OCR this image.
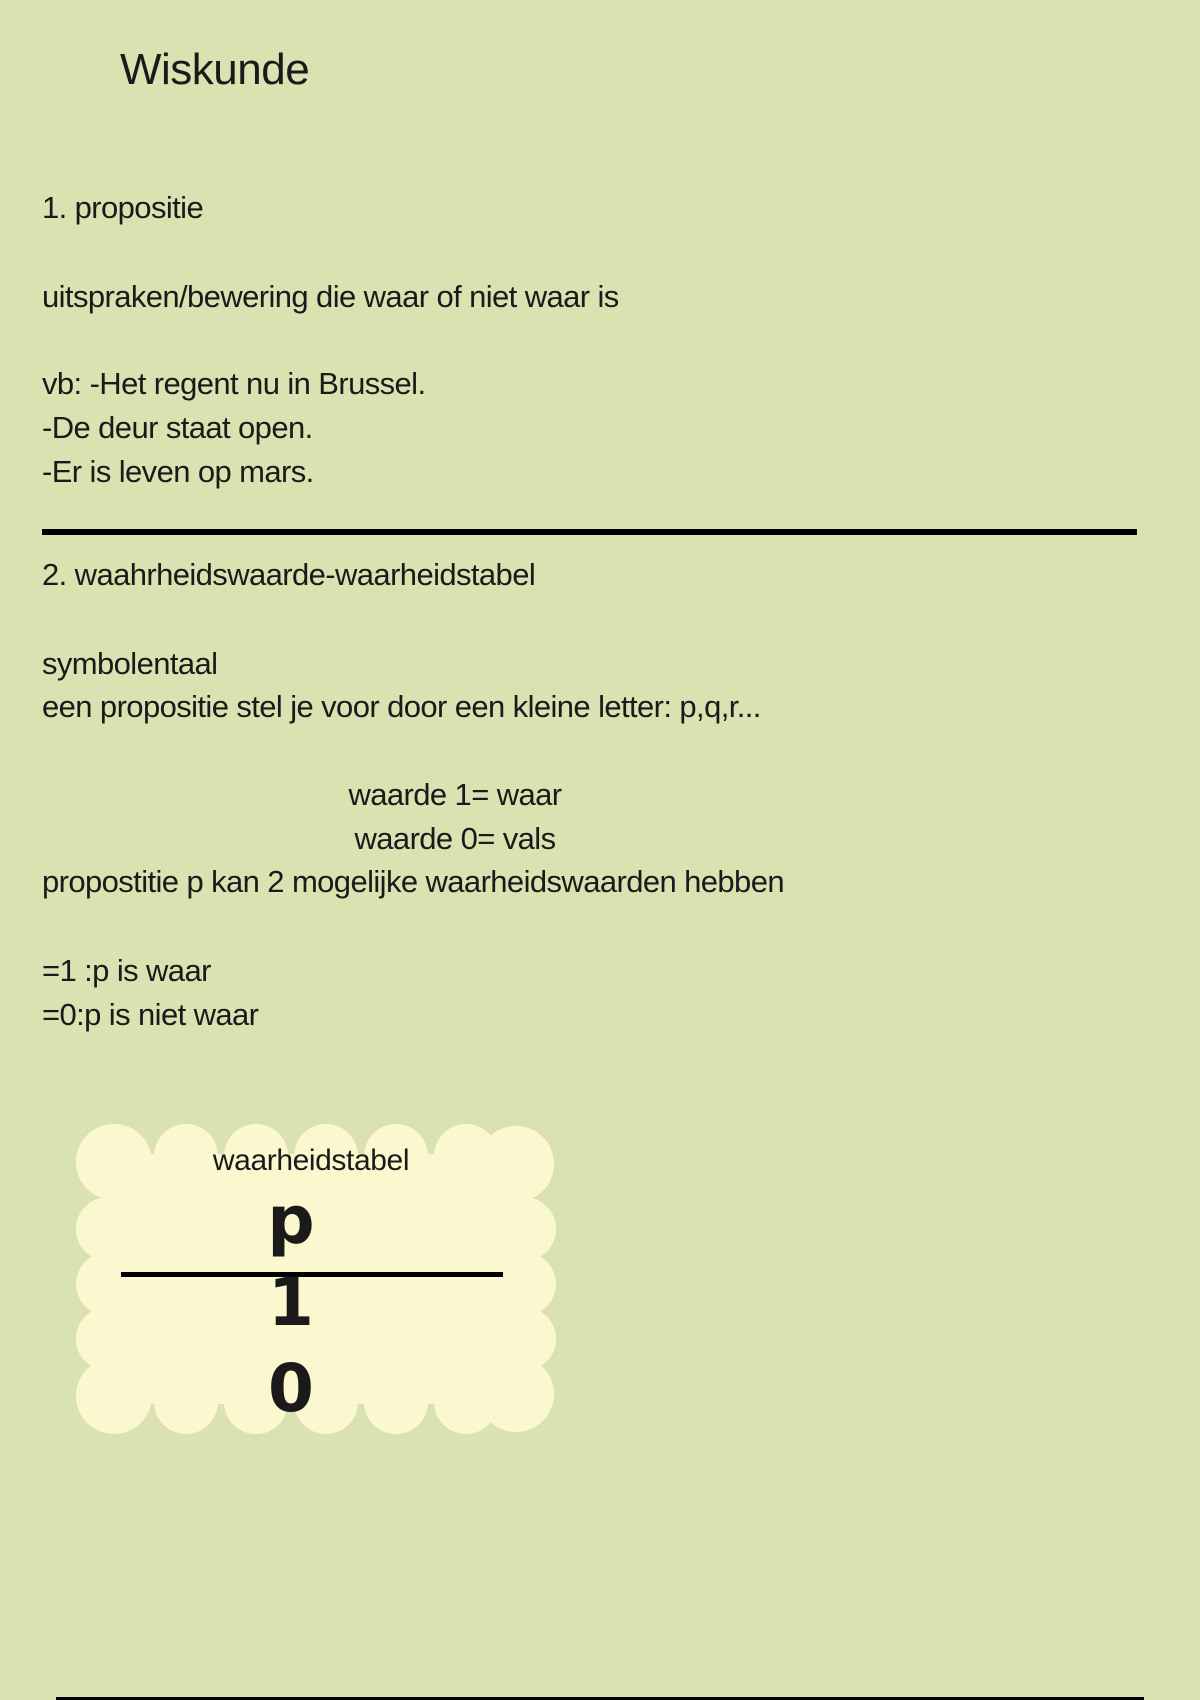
Wiskunde
1. propositie
uitspraken/bewering die waar of niet waar is
vb: -Het regent nu in Brussel.
-De deur staat open.
-Er is leven op mars.
2. waahrheidswaarde-waarheidstabel
symbolentaal
een propositie stel je voor door een kleine letter: p,q,r...
waarde 1= waar
waarde 0= vals
propostitie p kan 2 mogelijke waarheidswaarden hebben
=1 :p is waar
=0:p is niet waar
waarheidstabel
p
1
0
